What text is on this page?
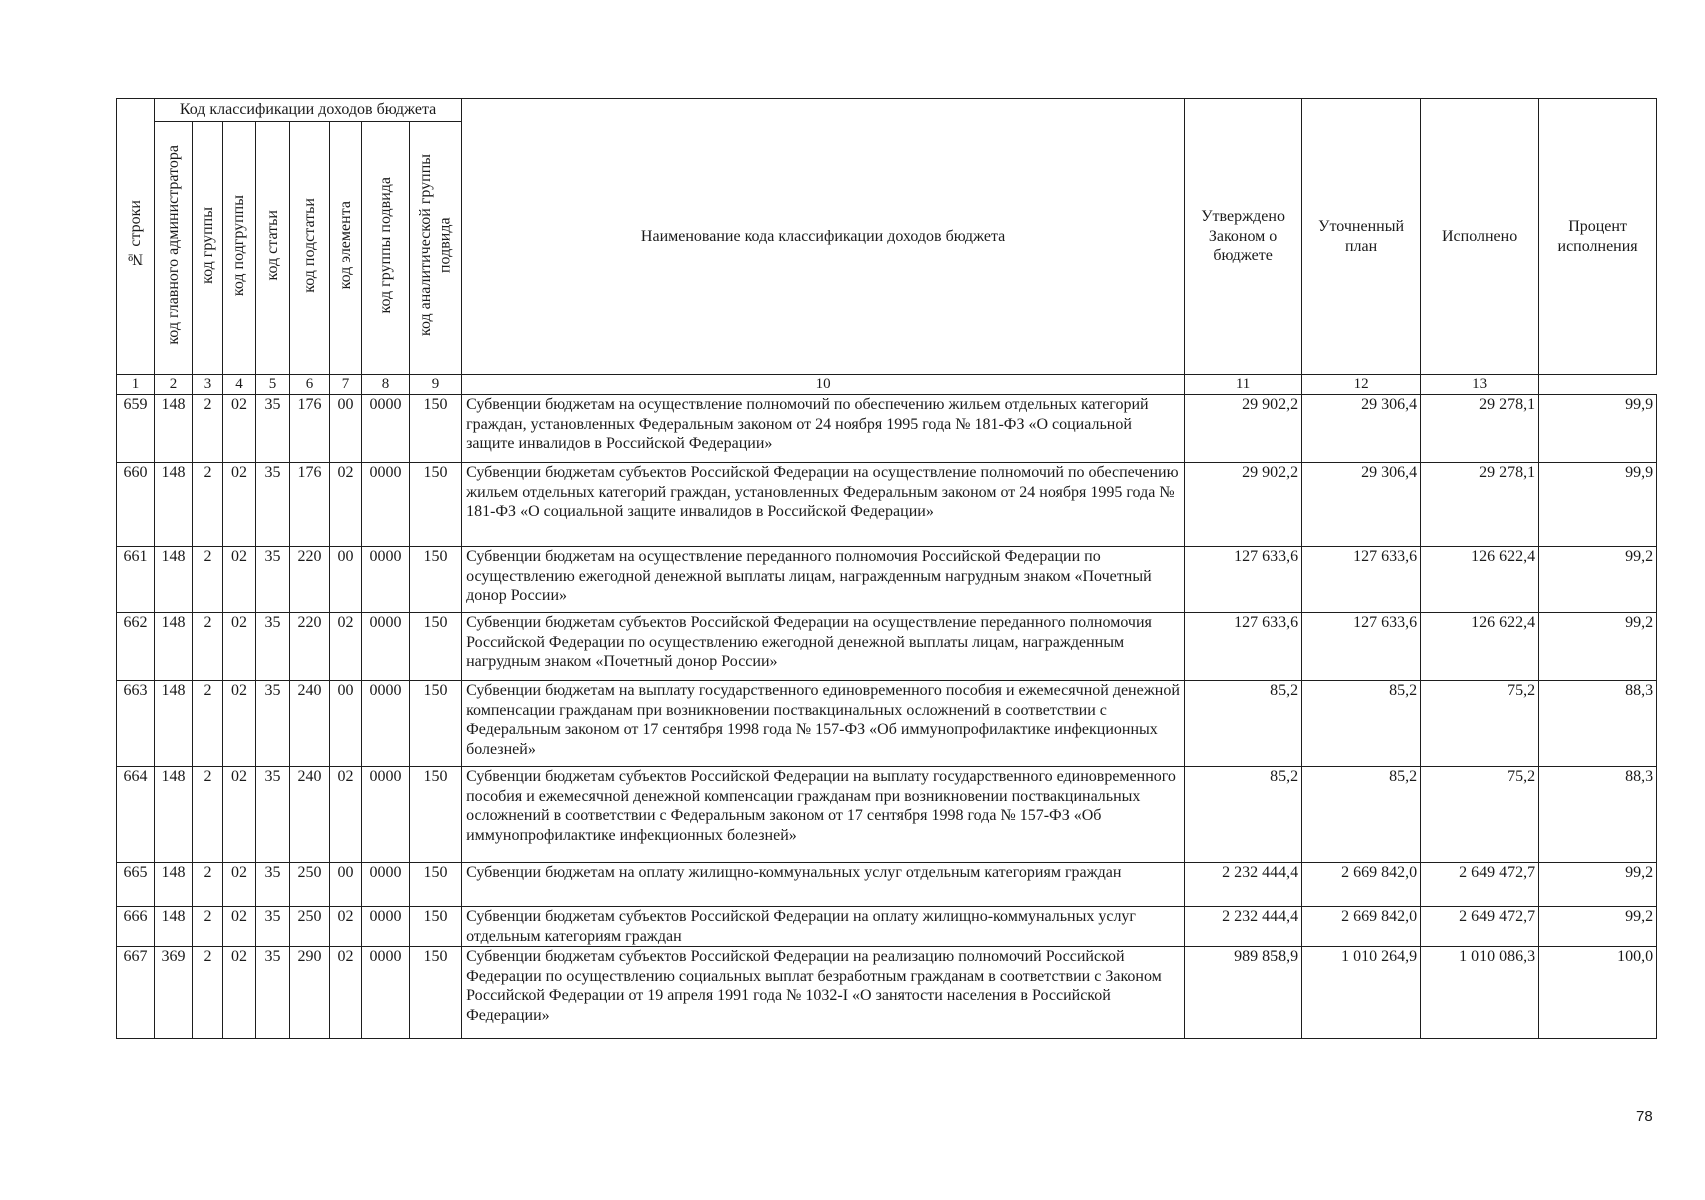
№ строки	Код классификации доходов бюджета								Наименование кода классификации доходов бюджета	Утверждено Законом о бюджете	Уточненный план	Исполнено	Процент исполнения
	код главного администратора	код группы	код подгруппы	код статьи	код подстатьи	код элемента	код группы подвида	код аналитической группы подвида					
1	2	3	4	5	6	7	8	9	10	11	12	13	
659	148	2	02	35	176	00	0000	150	Субвенции бюджетам на осуществление полномочий по обеспечению жильем отдельных категорий граждан, установленных Федеральным законом от 24 ноября 1995 года № 181-ФЗ «О социальной защите инвалидов в Российской Федерации»	29 902,2	29 306,4	29 278,1	99,9
660	148	2	02	35	176	02	0000	150	Субвенции бюджетам субъектов Российской Федерации на осуществление полномочий по обеспечению жильем отдельных категорий граждан, установленных Федеральным законом от 24 ноября 1995 года № 181-ФЗ «О социальной защите инвалидов в Российской Федерации»	29 902,2	29 306,4	29 278,1	99,9
661	148	2	02	35	220	00	0000	150	Субвенции бюджетам на осуществление переданного полномочия Российской Федерации по осуществлению ежегодной денежной выплаты лицам, награжденным нагрудным знаком «Почетный донор России»	127 633,6	127 633,6	126 622,4	99,2
662	148	2	02	35	220	02	0000	150	Субвенции бюджетам субъектов Российской Федерации на осуществление переданного полномочия Российской Федерации по осуществлению ежегодной денежной выплаты лицам, награжденным нагрудным знаком «Почетный донор России»	127 633,6	127 633,6	126 622,4	99,2
663	148	2	02	35	240	00	0000	150	Субвенции бюджетам на выплату государственного единовременного пособия и ежемесячной денежной компенсации гражданам при возникновении поствакцинальных осложнений в соответствии с Федеральным законом от 17 сентября 1998 года № 157-ФЗ «Об иммунопрофилактике инфекционных болезней»	85,2	85,2	75,2	88,3
664	148	2	02	35	240	02	0000	150	Субвенции бюджетам субъектов Российской Федерации на выплату государственного единовременного пособия и ежемесячной денежной компенсации гражданам при возникновении поствакцинальных осложнений в соответствии с Федеральным законом от 17 сентября 1998 года № 157-ФЗ «Об иммунопрофилактике инфекционных болезней»	85,2	85,2	75,2	88,3
665	148	2	02	35	250	00	0000	150	Субвенции бюджетам на оплату жилищно-коммунальных услуг отдельным категориям граждан	2 232 444,4	2 669 842,0	2 649 472,7	99,2
666	148	2	02	35	250	02	0000	150	Субвенции бюджетам субъектов Российской Федерации на оплату жилищно-коммунальных услуг отдельным категориям граждан	2 232 444,4	2 669 842,0	2 649 472,7	99,2
667	369	2	02	35	290	02	0000	150	Субвенции бюджетам субъектов Российской Федерации на реализацию полномочий Российской Федерации по осуществлению социальных выплат безработным гражданам в соответствии с Законом Российской Федерации от 19 апреля 1991 года № 1032-I «О занятости населения в Российской Федерации»	989 858,9	1 010 264,9	1 010 086,3	100,0
78
